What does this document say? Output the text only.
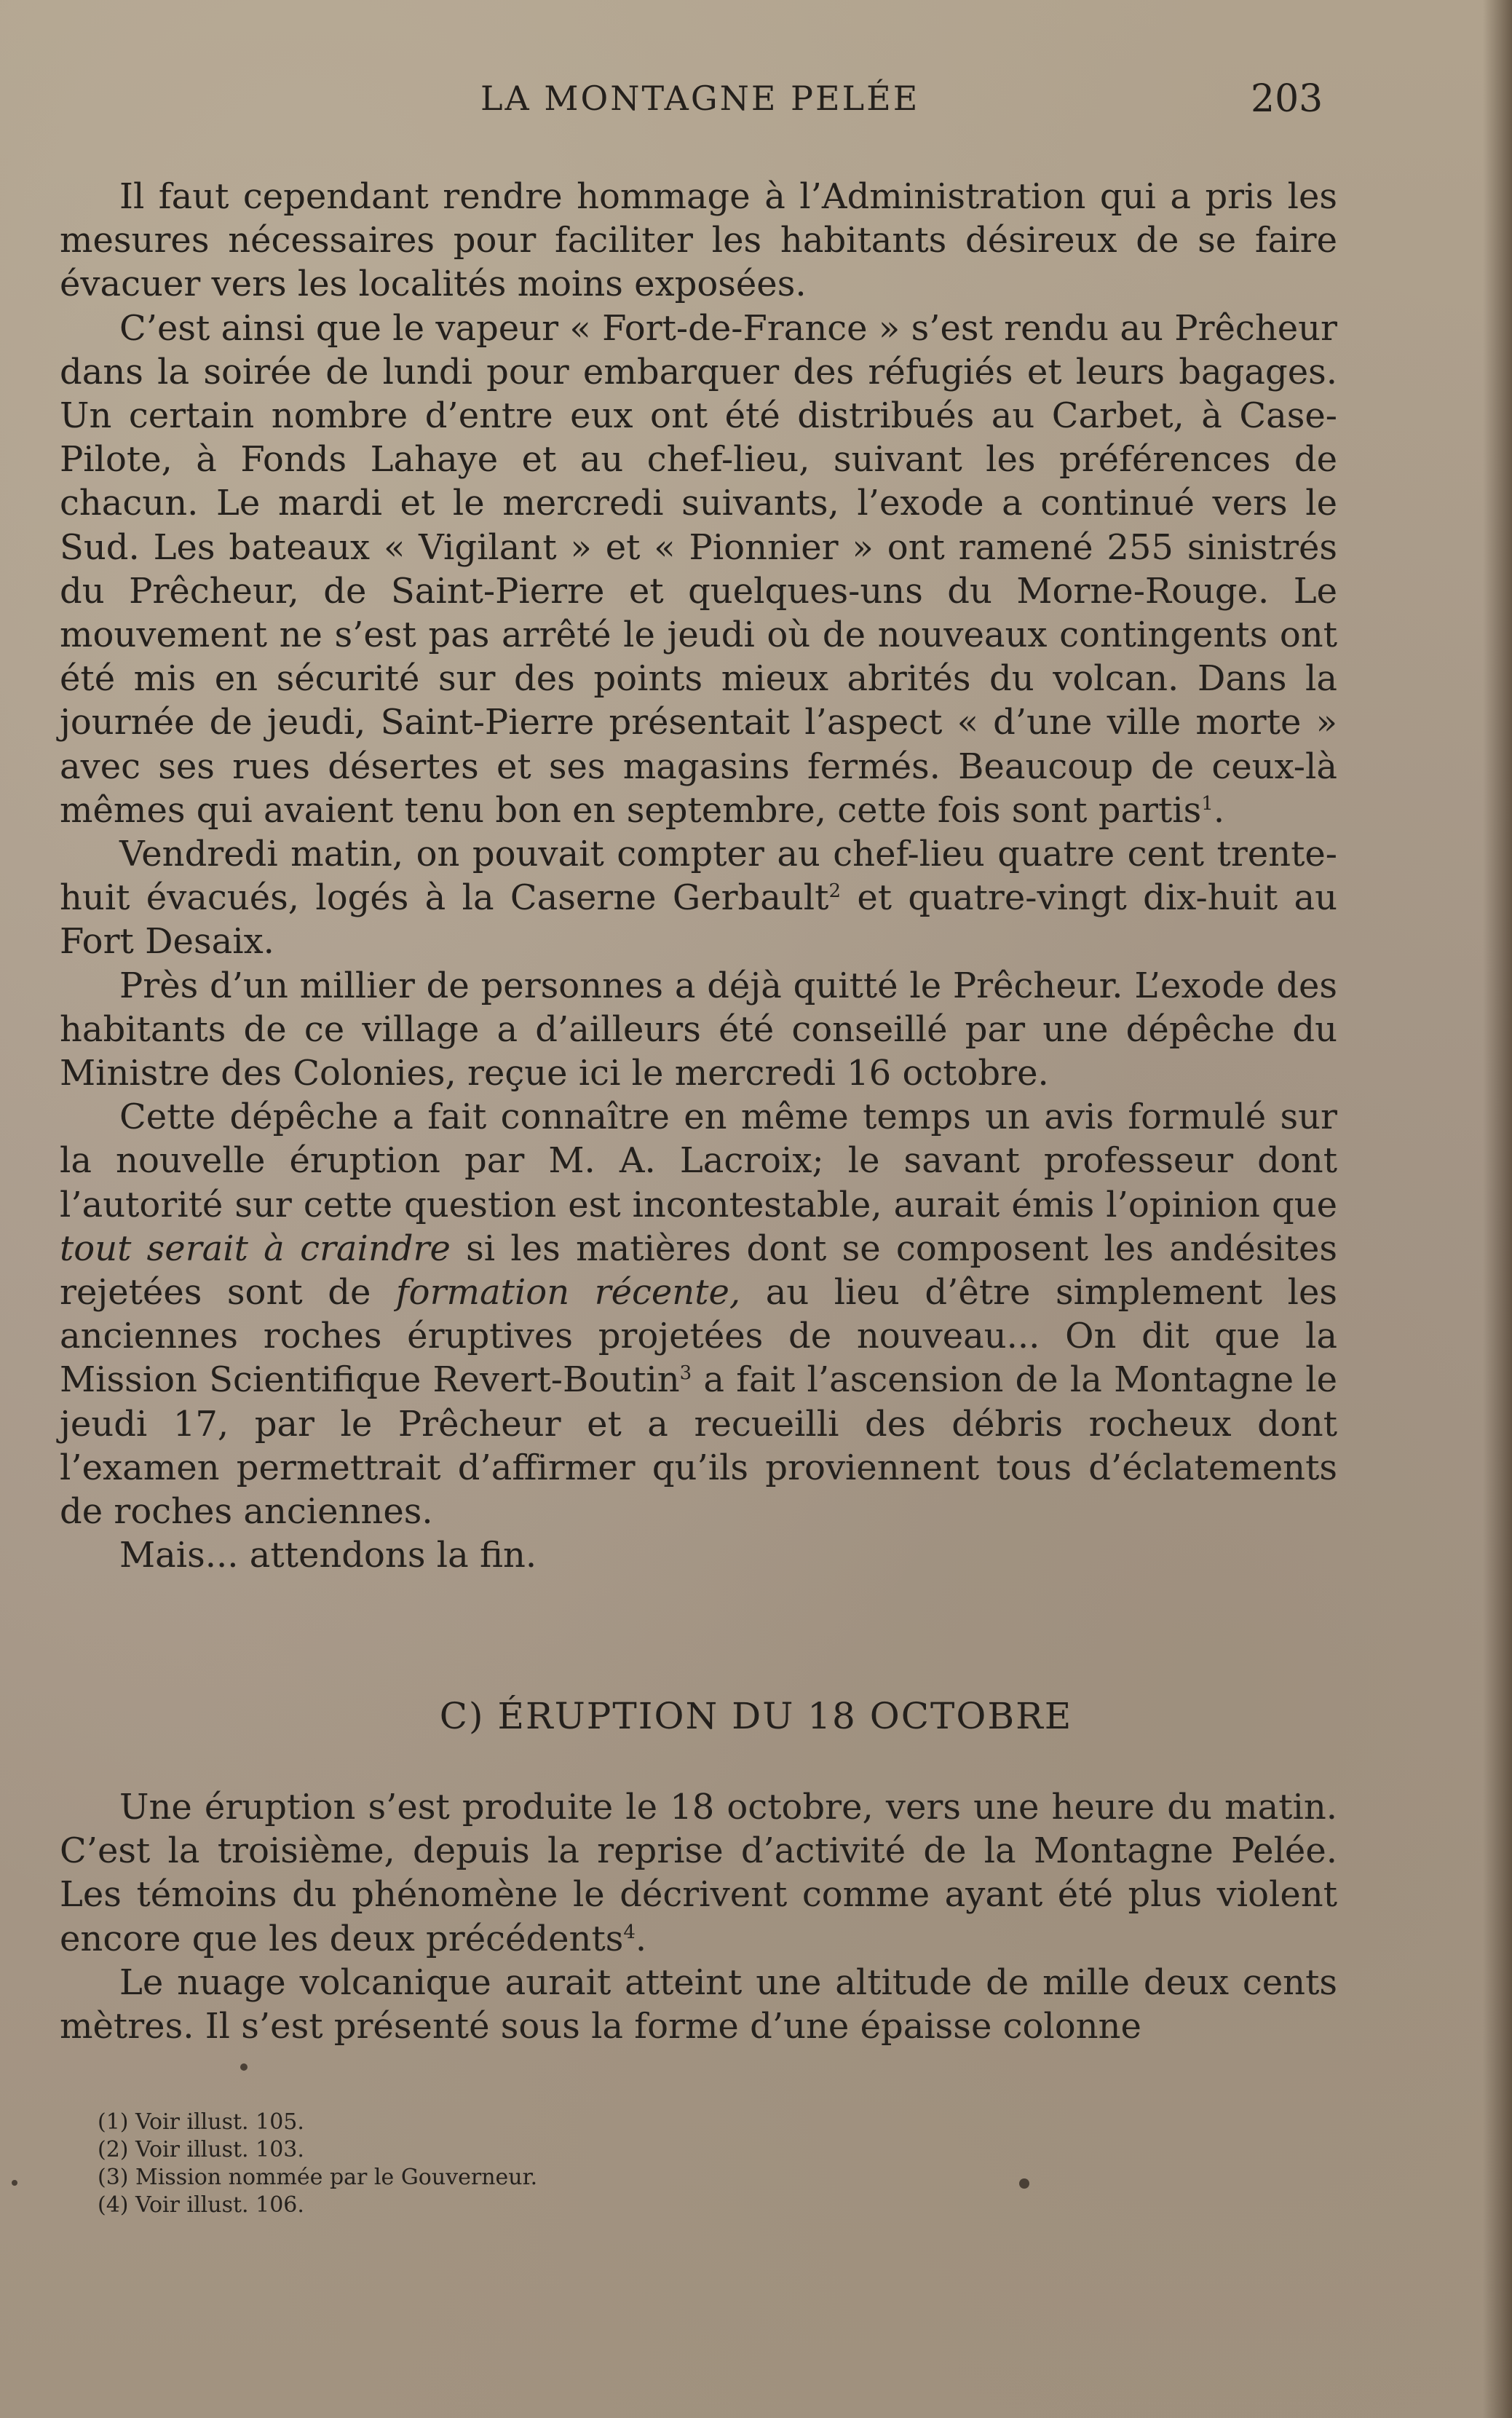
LA MONTAGNE PELÉE	203

Il faut cependant rendre hommage à l’Administration qui a pris les mesures nécessaires pour faciliter les habitants désireux de se faire évacuer vers les localités moins exposées.

C’est ainsi que le vapeur « Fort-de-France » s’est rendu au Prêcheur dans la soirée de lundi pour embarquer des réfugiés et leurs bagages. Un certain nombre d’entre eux ont été distribués au Carbet, à Case-Pilote, à Fonds Lahaye et au chef-lieu, suivant les préférences de chacun. Le mardi et le mercredi suivants, l’exode a continué vers le Sud. Les bateaux « Vigilant » et « Pionnier » ont ramené 255 sinistrés du Prêcheur, de Saint-Pierre et quelques-uns du Morne-Rouge. Le mouvement ne s’est pas arrêté le jeudi où de nouveaux contingents ont été mis en sécurité sur des points mieux abrités du volcan. Dans la journée de jeudi, Saint-Pierre présentait l’aspect « d’une ville morte » avec ses rues désertes et ses magasins fermés. Beaucoup de ceux-là mêmes qui avaient tenu bon en septembre, cette fois sont partis$^1$.

Vendredi matin, on pouvait compter au chef-lieu quatre cent trente-huit évacués, logés à la Caserne Gerbault$^2$ et quatre-vingt dix-huit au Fort Desaix.

Près d’un millier de personnes a déjà quitté le Prêcheur. L’exode des habitants de ce village a d’ailleurs été conseillé par une dépêche du Ministre des Colonies, reçue ici le mercredi 16 octobre.

Cette dépêche a fait connaître en même temps un avis formulé sur la nouvelle éruption par M. A. Lacroix; le savant professeur dont l’autorité sur cette question est incontestable, aurait émis l’opinion que tout serait à craindre si les matières dont se composent les andésites rejetées sont de formation récente, au lieu d’être simplement les anciennes roches éruptives projetées de nouveau... On dit que la Mission Scientifique Revert-Boutin$^3$ a fait l’ascension de la Montagne le jeudi 17, par le Prêcheur et a recueilli des débris rocheux dont l’examen permettrait d’affirmer qu’ils proviennent tous d’éclatements de roches anciennes.

Mais... attendons la fin.

C) ÉRUPTION DU 18 OCTOBRE

Une éruption s’est produite le 18 octobre, vers une heure du matin. C’est la troisième, depuis la reprise d’activité de la Montagne Pelée. Les témoins du phénomène le décrivent comme ayant été plus violent encore que les deux précédents$^4$.

Le nuage volcanique aurait atteint une altitude de mille deux cents mètres. Il s’est présenté sous la forme d’une épaisse colonne

(1) Voir illust. 105.
(2) Voir illust. 103.
(3) Mission nommée par le Gouverneur.
(4) Voir illust. 106.
